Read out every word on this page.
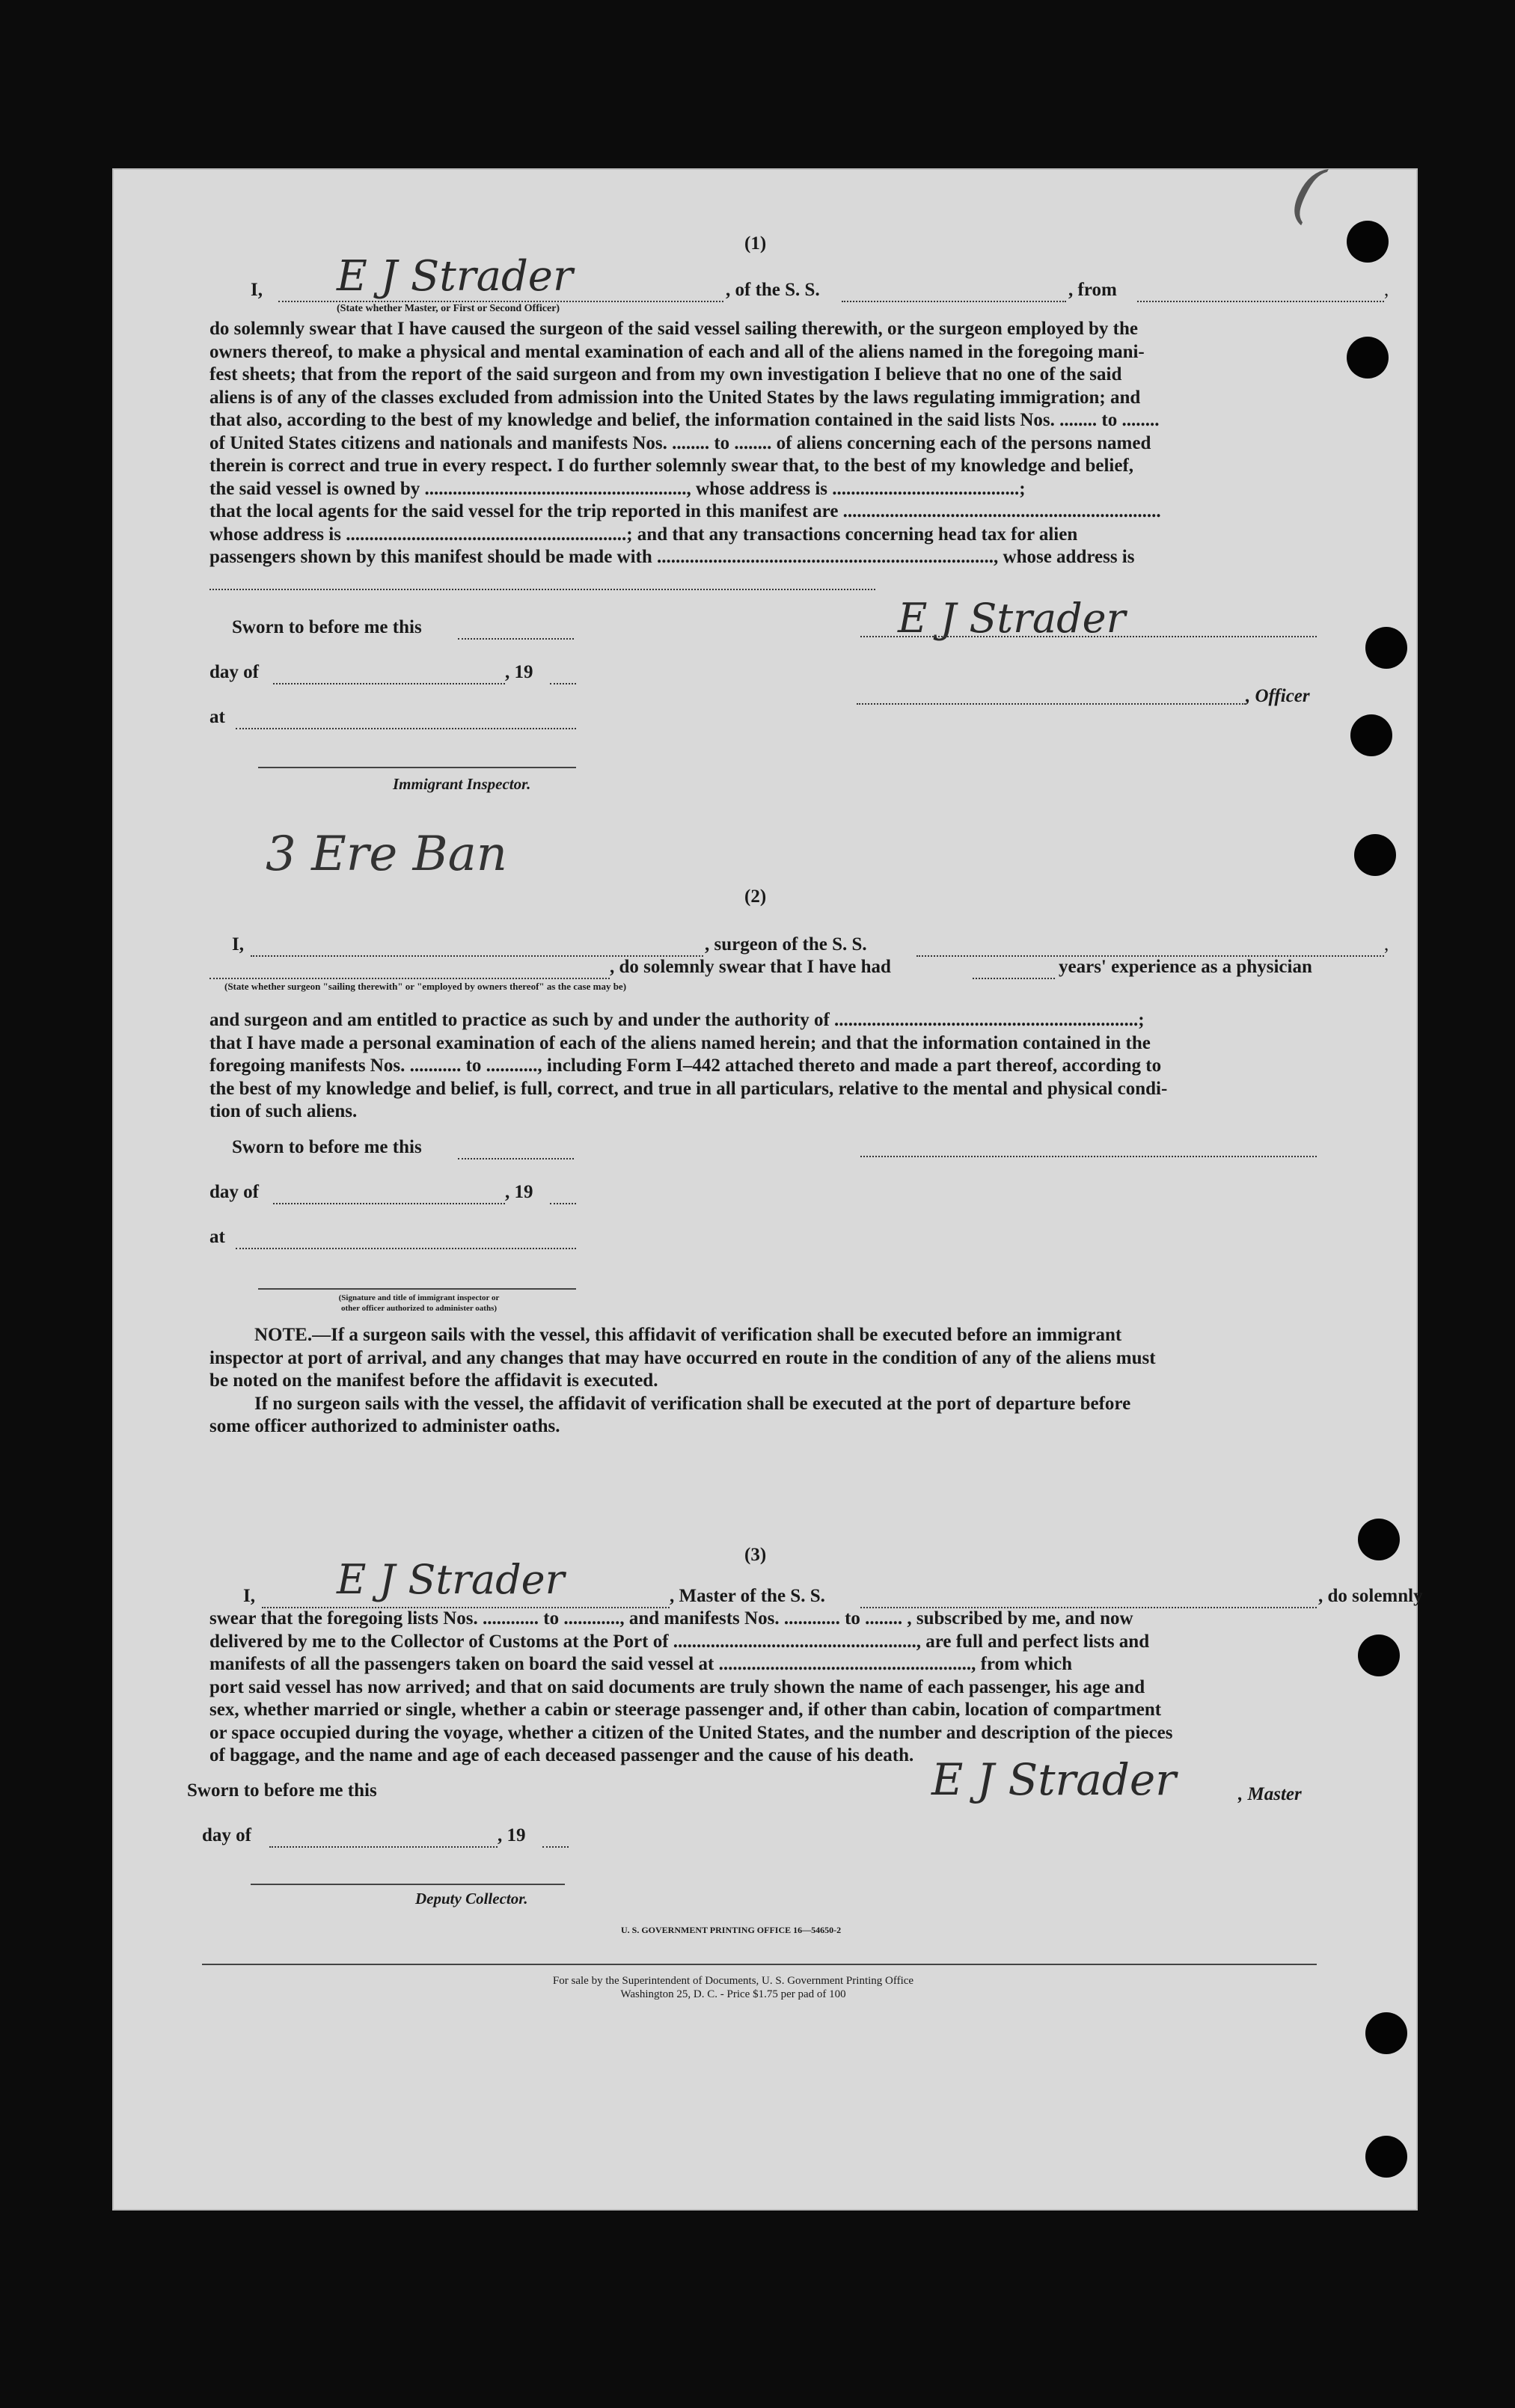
(
(1)
I, E J Strader
(State whether Master, or First or Second Officer)
, of the S. S.	, from	,
do solemnly swear that I have caused the surgeon of the said vessel sailing therewith, or the surgeon employed by the
owners thereof, to make a physical and mental examination of each and all of the aliens named in the foregoing mani-
fest sheets; that from the report of the said surgeon and from my own investigation I believe that no one of the said
aliens is of any of the classes excluded from admission into the United States by the laws regulating immigration; and
that also, according to the best of my knowledge and belief, the information contained in the said lists Nos. ........ to ........
of United States citizens and nationals and manifests Nos. ........ to ........ of aliens concerning each of the persons named
therein is correct and true in every respect. I do further solemnly swear that, to the best of my knowledge and belief,
the said vessel is owned by ........................................................, whose address is ........................................;
that the local agents for the said vessel for the trip reported in this manifest are ....................................................................
whose address is ............................................................; and that any transactions concerning head tax for alien
passengers shown by this manifest should be made with ........................................................................, whose address is
E J Strader
Sworn to before me this
day of	, 19
, Officer
at
Immigrant Inspector.
3 Ere Ban
(2)
I,	, surgeon of the S. S.	,
, do solemnly swear that I have had	years' experience as a physician
(State whether surgeon "sailing therewith" or "employed by owners thereof" as the case may be)
and surgeon and am entitled to practice as such by and under the authority of .................................................................;
that I have made a personal examination of each of the aliens named herein; and that the information contained in the
foregoing manifests Nos. ........... to ..........., including Form I–442 attached thereto and made a part thereof, according to
the best of my knowledge and belief, is full, correct, and true in all particulars, relative to the mental and physical condi-
tion of such aliens.
Sworn to before me this
day of	, 19
at
(Signature and title of immigrant inspector or
other officer authorized to administer oaths)
NOTE.—If a surgeon sails with the vessel, this affidavit of verification shall be executed before an immigrant
inspector at port of arrival, and any changes that may have occurred en route in the condition of any of the aliens must
be noted on the manifest before the affidavit is executed.
If no surgeon sails with the vessel, the affidavit of verification shall be executed at the port of departure before
some officer authorized to administer oaths.
(3)
I, E J Strader	, Master of the S. S.	, do solemnly
swear that the foregoing lists Nos. ............ to ............, and manifests Nos. ............ to ........ , subscribed by me, and now
delivered by me to the Collector of Customs at the Port of ...................................................., are full and perfect lists and
manifests of all the passengers taken on board the said vessel at ......................................................, from which
port said vessel has now arrived; and that on said documents are truly shown the name of each passenger, his age and
sex, whether married or single, whether a cabin or steerage passenger and, if other than cabin, location of compartment
or space occupied during the voyage, whether a citizen of the United States, and the number and description of the pieces
of baggage, and the name and age of each deceased passenger and the cause of his death.
Sworn to before me this	E J Strader	, Master
day of	, 19
Deputy Collector.
U. S. GOVERNMENT PRINTING OFFICE 16—54650-2
For sale by the Superintendent of Documents, U. S. Government Printing Office
Washington 25, D. C. - Price $1.75 per pad of 100
